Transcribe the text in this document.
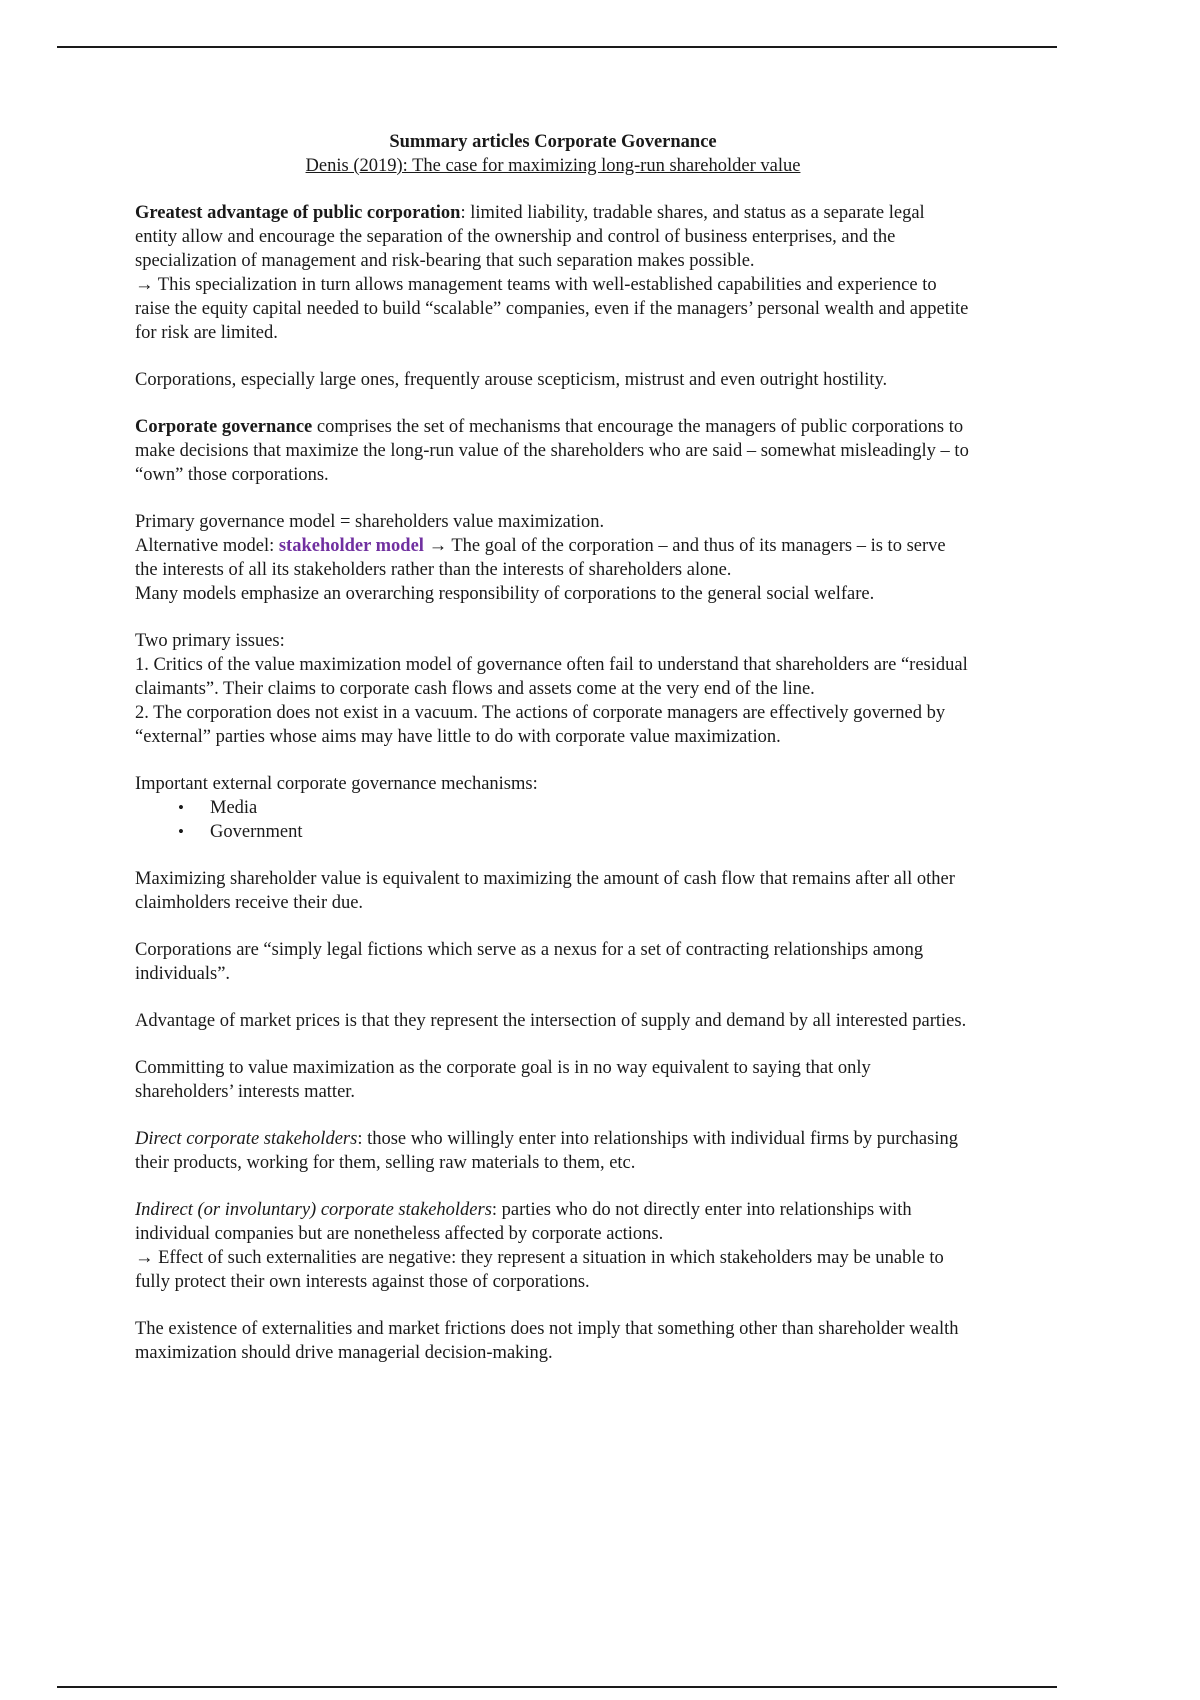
Summary articles Corporate Governance

Denis (2019): The case for maximizing long-run shareholder value

Greatest advantage of public corporation: limited liability, tradable shares, and status as a separate legal entity allow and encourage the separation of the ownership and control of business enterprises, and the specialization of management and risk-bearing that such separation makes possible.
→ This specialization in turn allows management teams with well-established capabilities and experience to raise the equity capital needed to build “scalable” companies, even if the managers’ personal wealth and appetite for risk are limited.

Corporations, especially large ones, frequently arouse scepticism, mistrust and even outright hostility.

Corporate governance comprises the set of mechanisms that encourage the managers of public corporations to make decisions that maximize the long-run value of the shareholders who are said – somewhat misleadingly – to “own” those corporations.

Primary governance model = shareholders value maximization.
Alternative model: stakeholder model → The goal of the corporation – and thus of its managers – is to serve the interests of all its stakeholders rather than the interests of shareholders alone.
Many models emphasize an overarching responsibility of corporations to the general social welfare.

Two primary issues:
1. Critics of the value maximization model of governance often fail to understand that shareholders are “residual claimants”. Their claims to corporate cash flows and assets come at the very end of the line.
2. The corporation does not exist in a vacuum. The actions of corporate managers are effectively governed by “external” parties whose aims may have little to do with corporate value maximization.

Important external corporate governance mechanisms:

• Media
• Government

Maximizing shareholder value is equivalent to maximizing the amount of cash flow that remains after all other claimholders receive their due.

Corporations are “simply legal fictions which serve as a nexus for a set of contracting relationships among individuals”.

Advantage of market prices is that they represent the intersection of supply and demand by all interested parties.

Committing to value maximization as the corporate goal is in no way equivalent to saying that only shareholders’ interests matter.

Direct corporate stakeholders: those who willingly enter into relationships with individual firms by purchasing their products, working for them, selling raw materials to them, etc.

Indirect (or involuntary) corporate stakeholders: parties who do not directly enter into relationships with individual companies but are nonetheless affected by corporate actions.
→ Effect of such externalities are negative: they represent a situation in which stakeholders may be unable to fully protect their own interests against those of corporations.

The existence of externalities and market frictions does not imply that something other than shareholder wealth maximization should drive managerial decision-making.
